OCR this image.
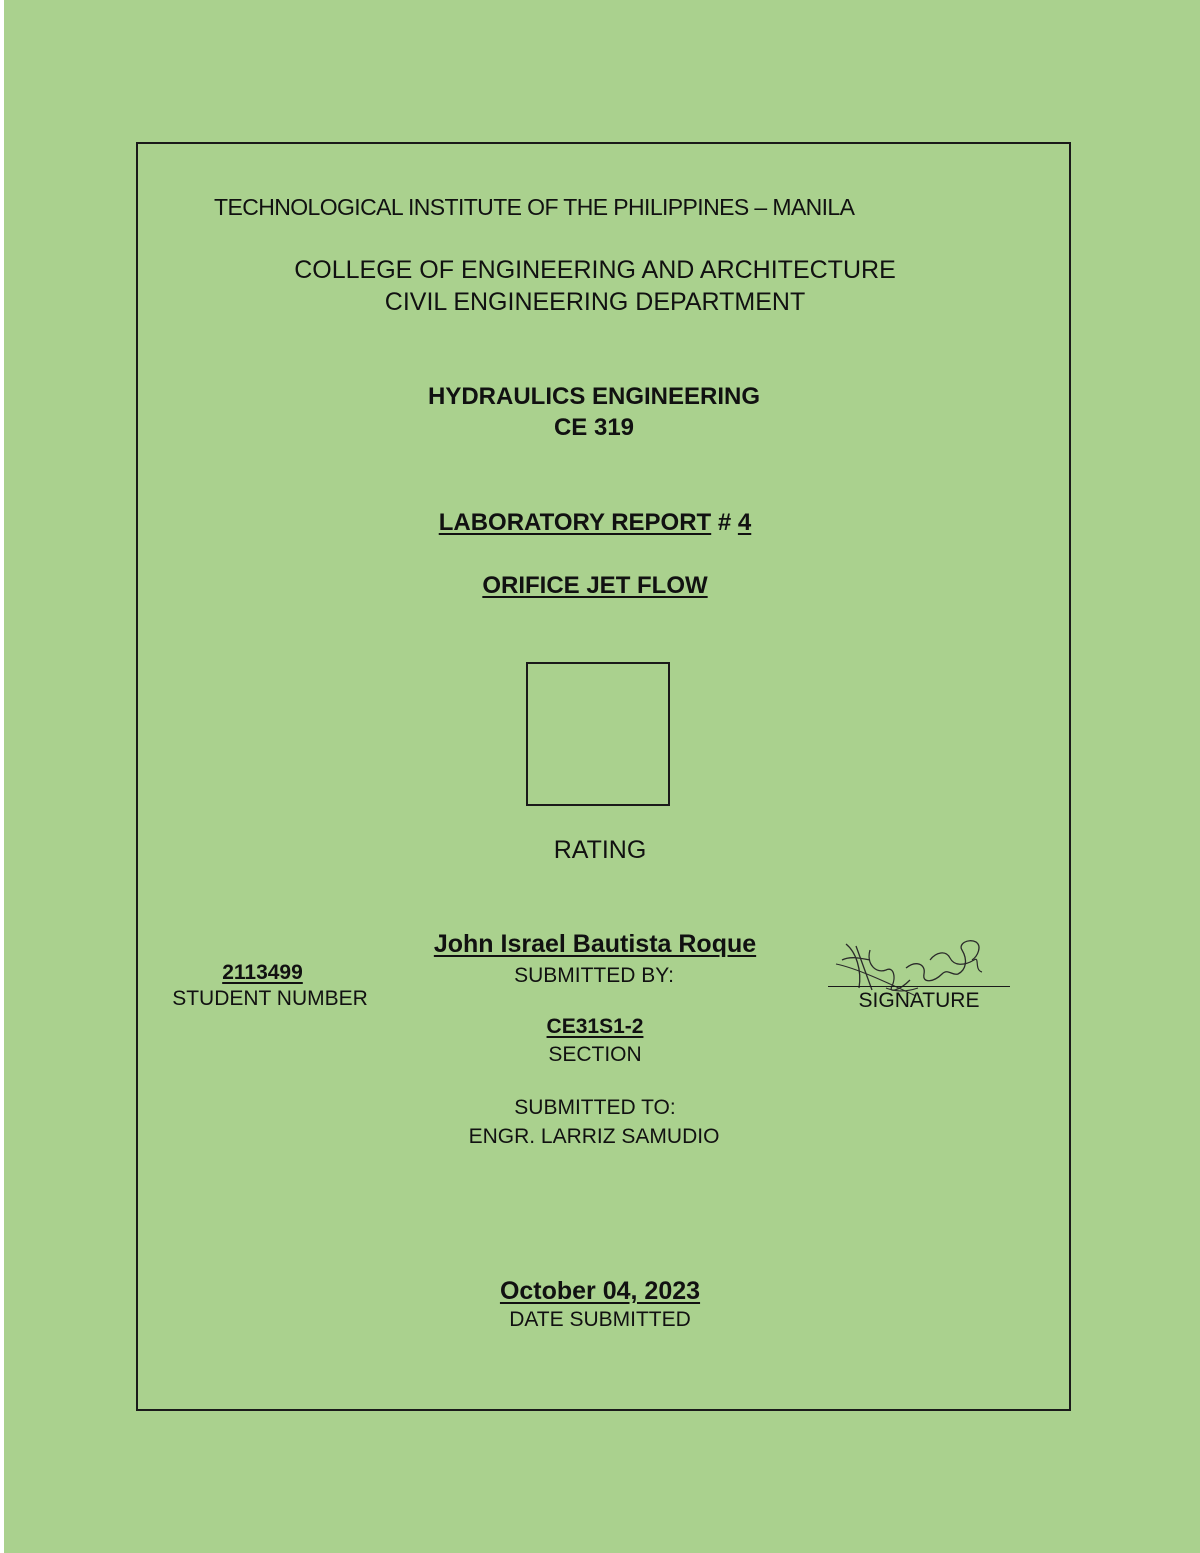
TECHNOLOGICAL INSTITUTE OF THE PHILIPPINES – MANILA
COLLEGE OF ENGINEERING AND ARCHITECTURE
CIVIL ENGINEERING DEPARTMENT
HYDRAULICS ENGINEERING
CE 319
LABORATORY REPORT # 4
ORIFICE JET FLOW
RATING
John Israel Bautista Roque
SUBMITTED BY:
2113499
STUDENT NUMBER	SIGNATURE
CE31S1-2
SECTION
SUBMITTED TO:
ENGR. LARRIZ SAMUDIO
October 04, 2023
DATE SUBMITTED
